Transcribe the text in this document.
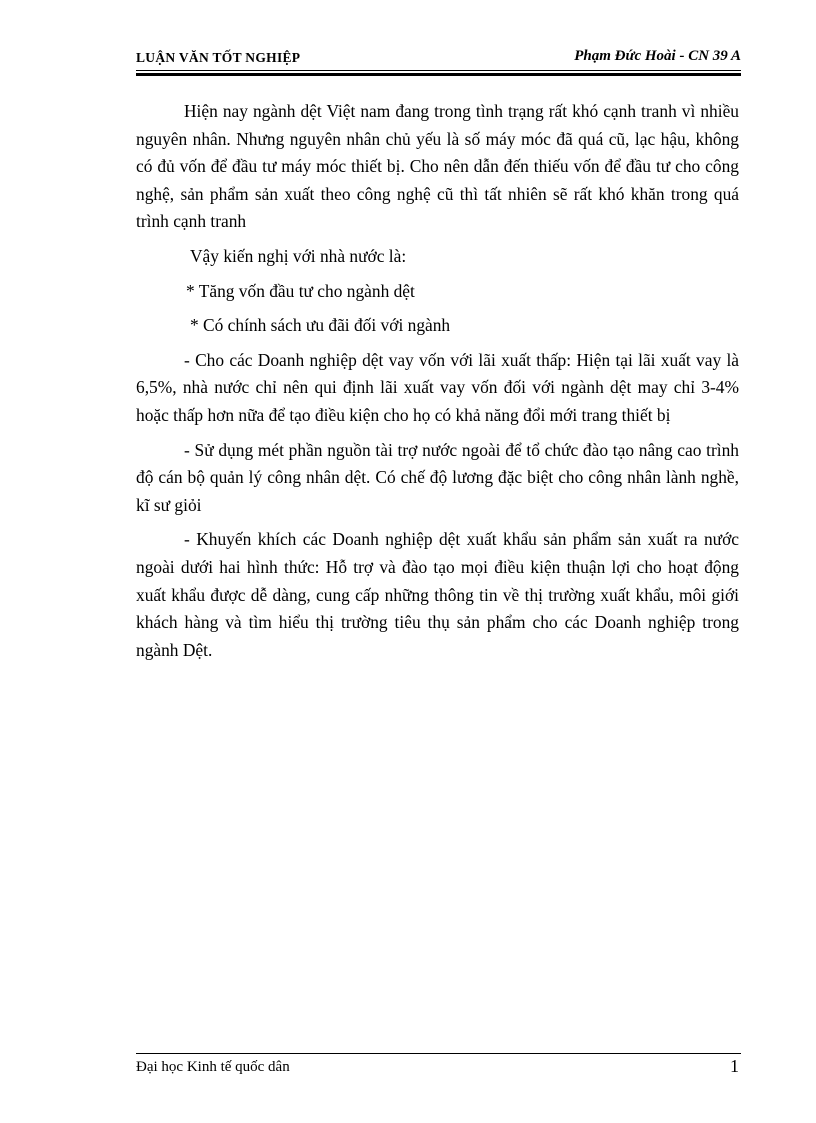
LUẬN VĂN TỐT NGHIỆP	Phạm Đức Hoài - CN 39 A

Hiện nay ngành dệt Việt nam đang trong tình trạng rất khó cạnh tranh vì nhiều nguyên nhân. Nhưng nguyên nhân chủ yếu là số máy móc đã quá cũ, lạc hậu, không có đủ vốn để đầu tư máy móc thiết bị. Cho nên dẫn đến thiếu vốn để đầu tư cho công nghệ, sản phẩm sản xuất theo công nghệ cũ thì tất nhiên sẽ rất khó khăn trong quá trình cạnh tranh

Vậy kiến nghị với nhà nước là:

* Tăng vốn đầu tư cho ngành dệt

* Có chính sách ưu đãi đối với ngành

- Cho các Doanh nghiệp dệt vay vốn với lãi xuất thấp: Hiện tại lãi xuất vay là 6,5%, nhà nước chỉ nên qui định lãi xuất vay vốn đối với ngành dệt may chỉ 3-4% hoặc thấp hơn nữa để tạo điều kiện cho họ có khả năng đổi mới trang thiết bị

- Sử dụng mét phần nguồn tài trợ nước ngoài để tổ chức đào tạo nâng cao trình độ cán bộ quản lý công nhân dệt. Có chế độ lương đặc biệt cho công nhân lành nghề, kĩ sư giỏi

- Khuyến khích các Doanh nghiệp dệt xuất khẩu sản phẩm sản xuất ra nước ngoài dưới hai hình thức: Hỗ trợ và đào tạo mọi điều kiện thuận lợi cho hoạt động xuất khẩu được dễ dàng, cung cấp những thông tin về thị trường xuất khẩu, môi giới khách hàng và tìm hiểu thị trường tiêu thụ sản phẩm cho các Doanh nghiệp trong ngành Dệt.

Đại học Kinh tế quốc dân	1
